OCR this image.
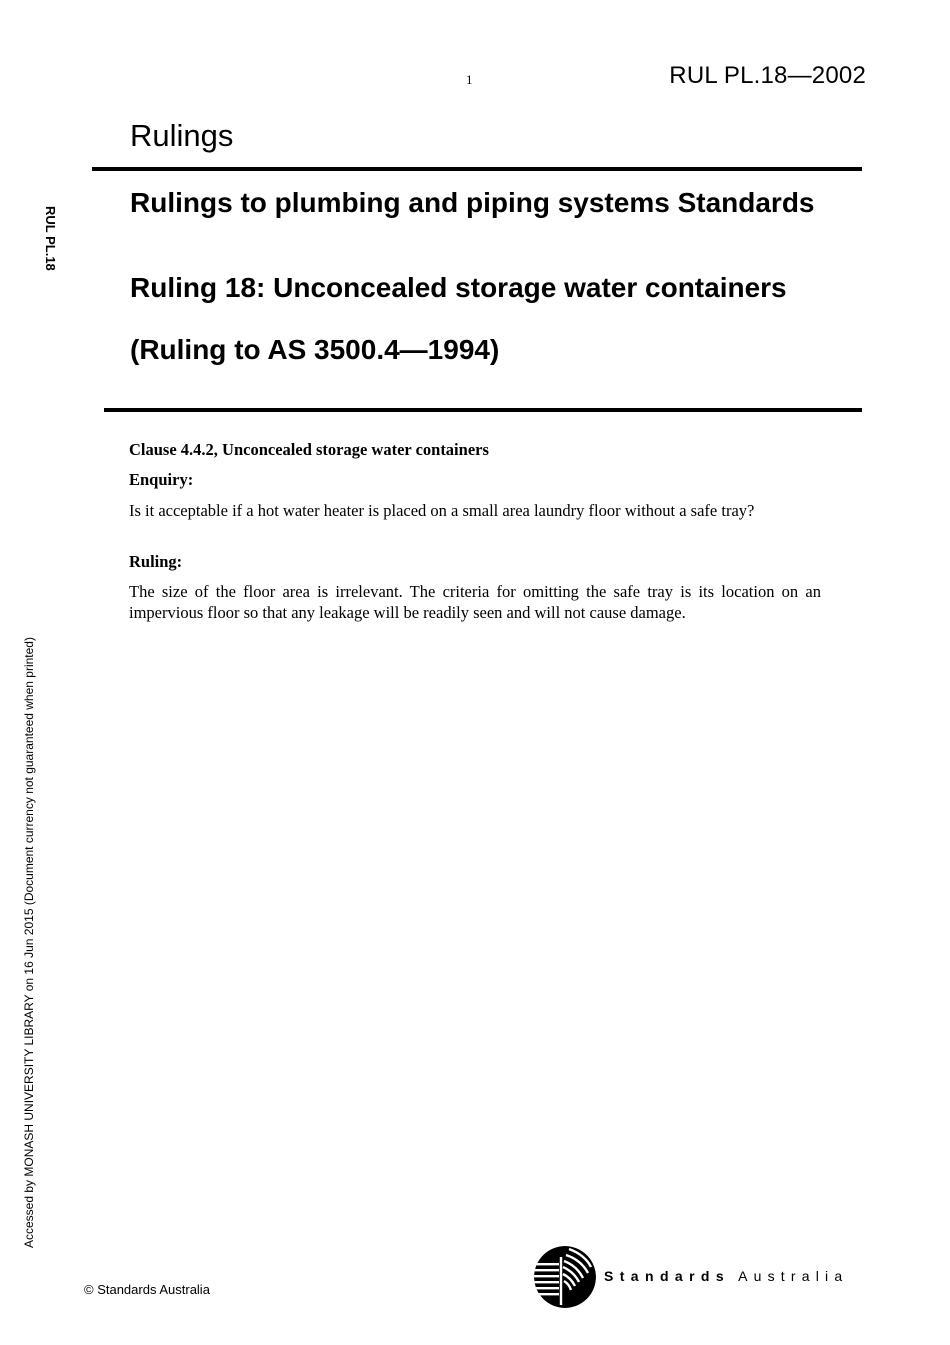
1	RUL PL.18—2002
Rulings
Rulings to plumbing and piping systems Standards
Ruling 18: Unconcealed storage water containers
(Ruling to AS 3500.4—1994)
Clause 4.4.2, Unconcealed storage water containers
Enquiry:
Is it acceptable if a hot water heater is placed on a small area laundry floor without a safe tray?
Ruling:
The size of the floor area is irrelevant. The criteria for omitting the safe tray is its location on an impervious floor so that any leakage will be readily seen and will not cause damage.
RUL PL.18
Accessed by MONASH UNIVERSITY LIBRARY on 16 Jun 2015 (Document currency not guaranteed when printed)
© Standards Australia
Standards Australia
